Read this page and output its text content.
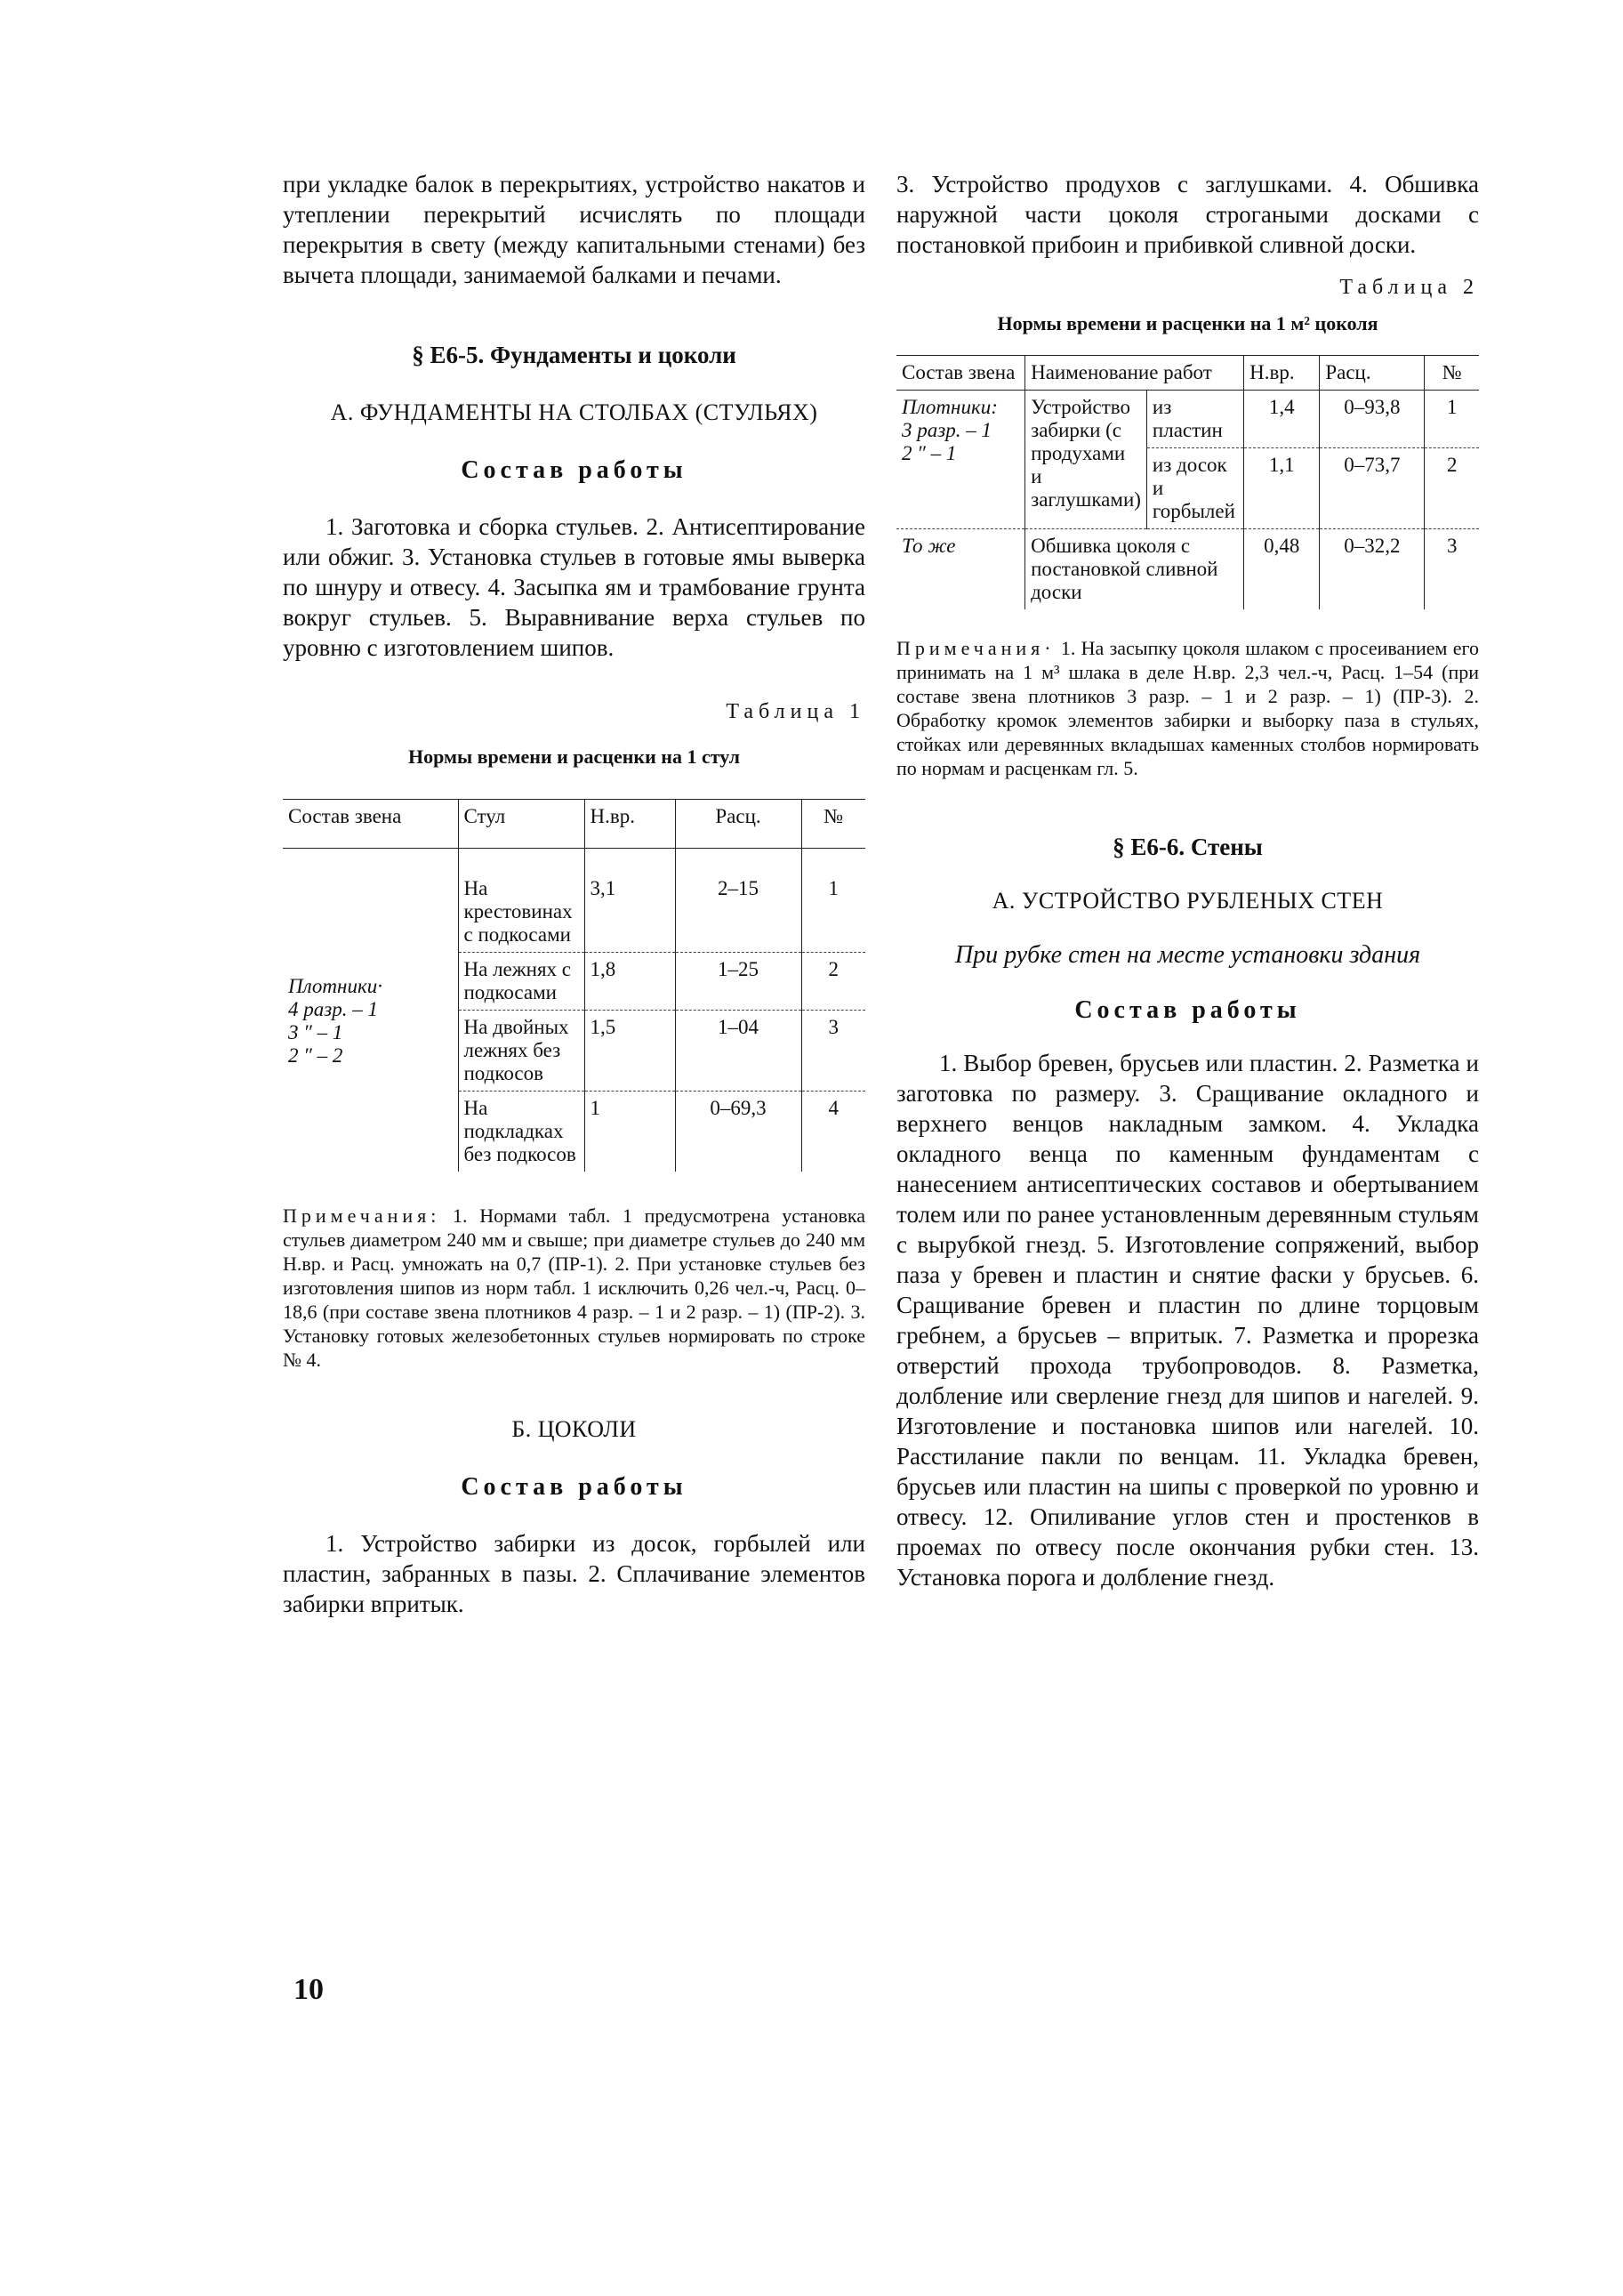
при укладке балок в перекрытиях, устройство накатов и утеплении перекрытий исчислять по площади перекрытия в свету (между капитальными стенами) без вычета площади, занимаемой балками и печами.

§ Е6-5. Фундаменты и цоколи

А. ФУНДАМЕНТЫ НА СТОЛБАХ (СТУЛЬЯХ)

Состав работы

1. Заготовка и сборка стульев. 2. Антисептирование или обжиг. 3. Установка стульев в готовые ямы выверка по шнуру и отвесу. 4. Засыпка ям и трамбование грунта вокруг стульев. 5. Выравнивание верха стульев по уровню с изготовлением шипов.

Таблица 1

Нормы времени и расценки на 1 стул

Состав звена	Стул	Н.вр.	Расц.	№

Плотники·
4 разр. – 1
3 ″ – 1
2 ″ – 2	На крестовинах с подкосами	3,1	2–15	1
	На лежнях с подкосами	1,8	1–25	2
	На двойных лежнях без подкосов	1,5	1–04	3
	На подкладках без подкосов	1	0–69,3	4

Примечания: 1. Нормами табл. 1 предусмотрена установка стульев диаметром 240 мм и свыше; при диаметре стульев до 240 мм Н.вр. и Расц. умножать на 0,7 (ПР-1). 2. При установке стульев без изготовления шипов из норм табл. 1 исключить 0,26 чел.-ч, Расц. 0–18,6 (при составе звена плотников 4 разр. – 1 и 2 разр. – 1) (ПР-2). 3. Установку готовых железобетонных стульев нормировать по строке № 4.

Б. ЦОКОЛИ

Состав работы

1. Устройство забирки из досок, горбылей или пластин, забранных в пазы. 2. Сплачивание элементов забирки впритык.

3. Устройство продухов с заглушками. 4. Обшивка наружной части цоколя строгаными досками с постановкой прибоин и прибивкой сливной доски.

Таблица 2

Нормы времени и расценки на 1 м² цоколя

Состав звена	Наименование работ		Н.вр.	Расц.	№

Плотники:
3 разр. – 1
2 ″ – 1	Устройство забирки (с продухами и заглушками)	из пластин	1,4	0–93,8	1
		из досок и горбылей	1,1	0–73,7	2
То же	Обшивка цоколя с постановкой сливной доски		0,48	0–32,2	3

Примечания· 1. На засыпку цоколя шлаком с просеиванием его принимать на 1 м³ шлака в деле Н.вр. 2,3 чел.-ч, Расц. 1–54 (при составе звена плотников 3 разр. – 1 и 2 разр. – 1) (ПР-3). 2. Обработку кромок элементов забирки и выборку паза в стульях, стойках или деревянных вкладышах каменных столбов нормировать по нормам и расценкам гл. 5.

§ Е6-6. Стены

А. УСТРОЙСТВО РУБЛЕНЫХ СТЕН

При рубке стен на месте установки здания

Состав работы

1. Выбор бревен, брусьев или пластин. 2. Разметка и заготовка по размеру. 3. Сращивание окладного и верхнего венцов накладным замком. 4. Укладка окладного венца по каменным фундаментам с нанесением антисептических составов и обертыванием толем или по ранее установленным деревянным стульям с вырубкой гнезд. 5. Изготовление сопряжений, выбор паза у бревен и пластин и снятие фаски у брусьев. 6. Сращивание бревен и пластин по длине торцовым гребнем, а брусьев – впритык. 7. Разметка и прорезка отверстий прохода трубопроводов. 8. Разметка, долбление или сверление гнезд для шипов и нагелей. 9. Изготовление и постановка шипов или нагелей. 10. Расстилание пакли по венцам. 11. Укладка бревен, брусьев или пластин на шипы с проверкой по уровню и отвесу. 12. Опиливание углов стен и простенков в проемах по отвесу после окончания рубки стен. 13. Установка порога и долбление гнезд.

10
